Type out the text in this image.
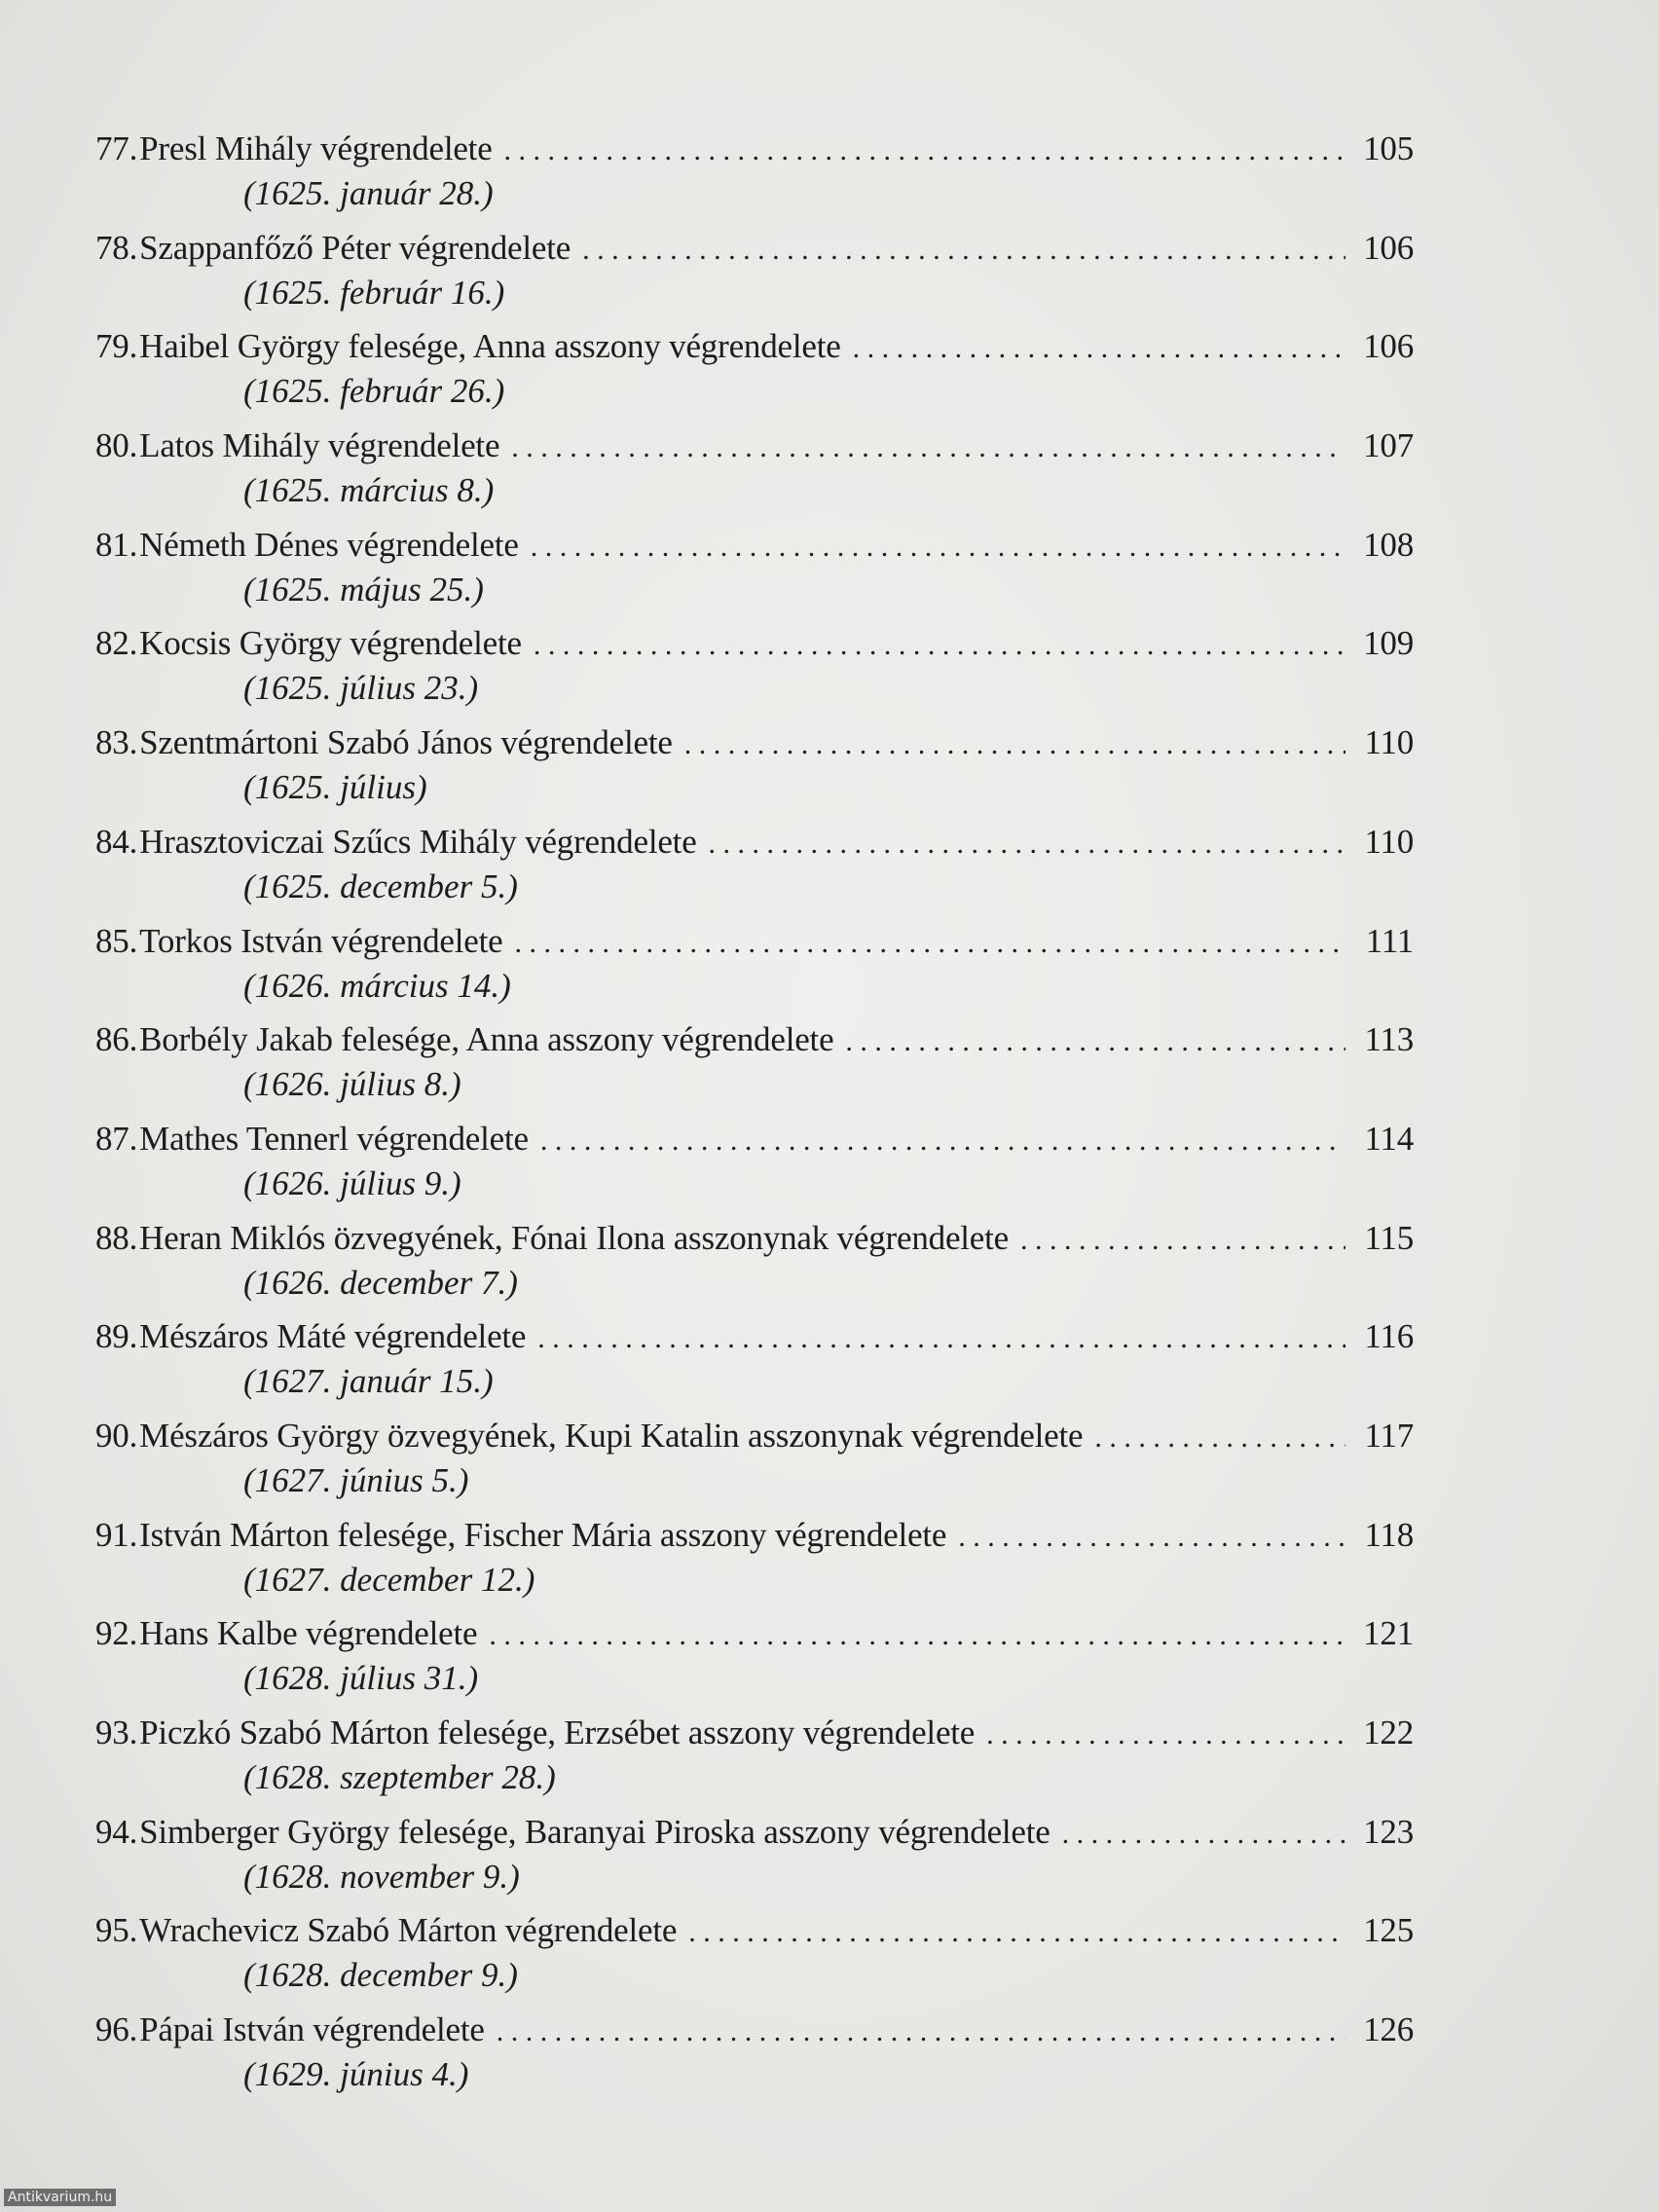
77. Presl Mihály végrendelete . . .	105
(1625. január 28.)
78. Szappanfőző Péter végrendelete . . .	106
(1625. február 16.)
79. Haibel György felesége, Anna asszony végrendelete . . .	106
(1625. február 26.)
80. Latos Mihály végrendelete . . .	107
(1625. március 8.)
81. Németh Dénes végrendelete . . .	108
(1625. május 25.)
82. Kocsis György végrendelete . . .	109
(1625. július 23.)
83. Szentmártoni Szabó János végrendelete . . .	110
(1625. július)
84. Hrasztoviczai Szűcs Mihály végrendelete . . .	110
(1625. december 5.)
85. Torkos István végrendelete . . .	111
(1626. március 14.)
86. Borbély Jakab felesége, Anna asszony végrendelete . . .	113
(1626. július 8.)
87. Mathes Tennerl végrendelete . . .	114
(1626. július 9.)
88. Heran Miklós özvegyének, Fónai Ilona asszonynak végrendelete . . .	115
(1626. december 7.)
89. Mészáros Máté végrendelete . . .	116
(1627. január 15.)
90. Mészáros György özvegyének, Kupi Katalin asszonynak végrendelete . . .	117
(1627. június 5.)
91. István Márton felesége, Fischer Mária asszony végrendelete . . .	118
(1627. december 12.)
92. Hans Kalbe végrendelete . . .	121
(1628. július 31.)
93. Piczkó Szabó Márton felesége, Erzsébet asszony végrendelete . . .	122
(1628. szeptember 28.)
94. Simberger György felesége, Baranyai Piroska asszony végrendelete . . .	123
(1628. november 9.)
95. Wrachevicz Szabó Márton végrendelete . . .	125
(1628. december 9.)
96. Pápai István végrendelete . . .	126
(1629. június 4.)
Antikvarium.hu
